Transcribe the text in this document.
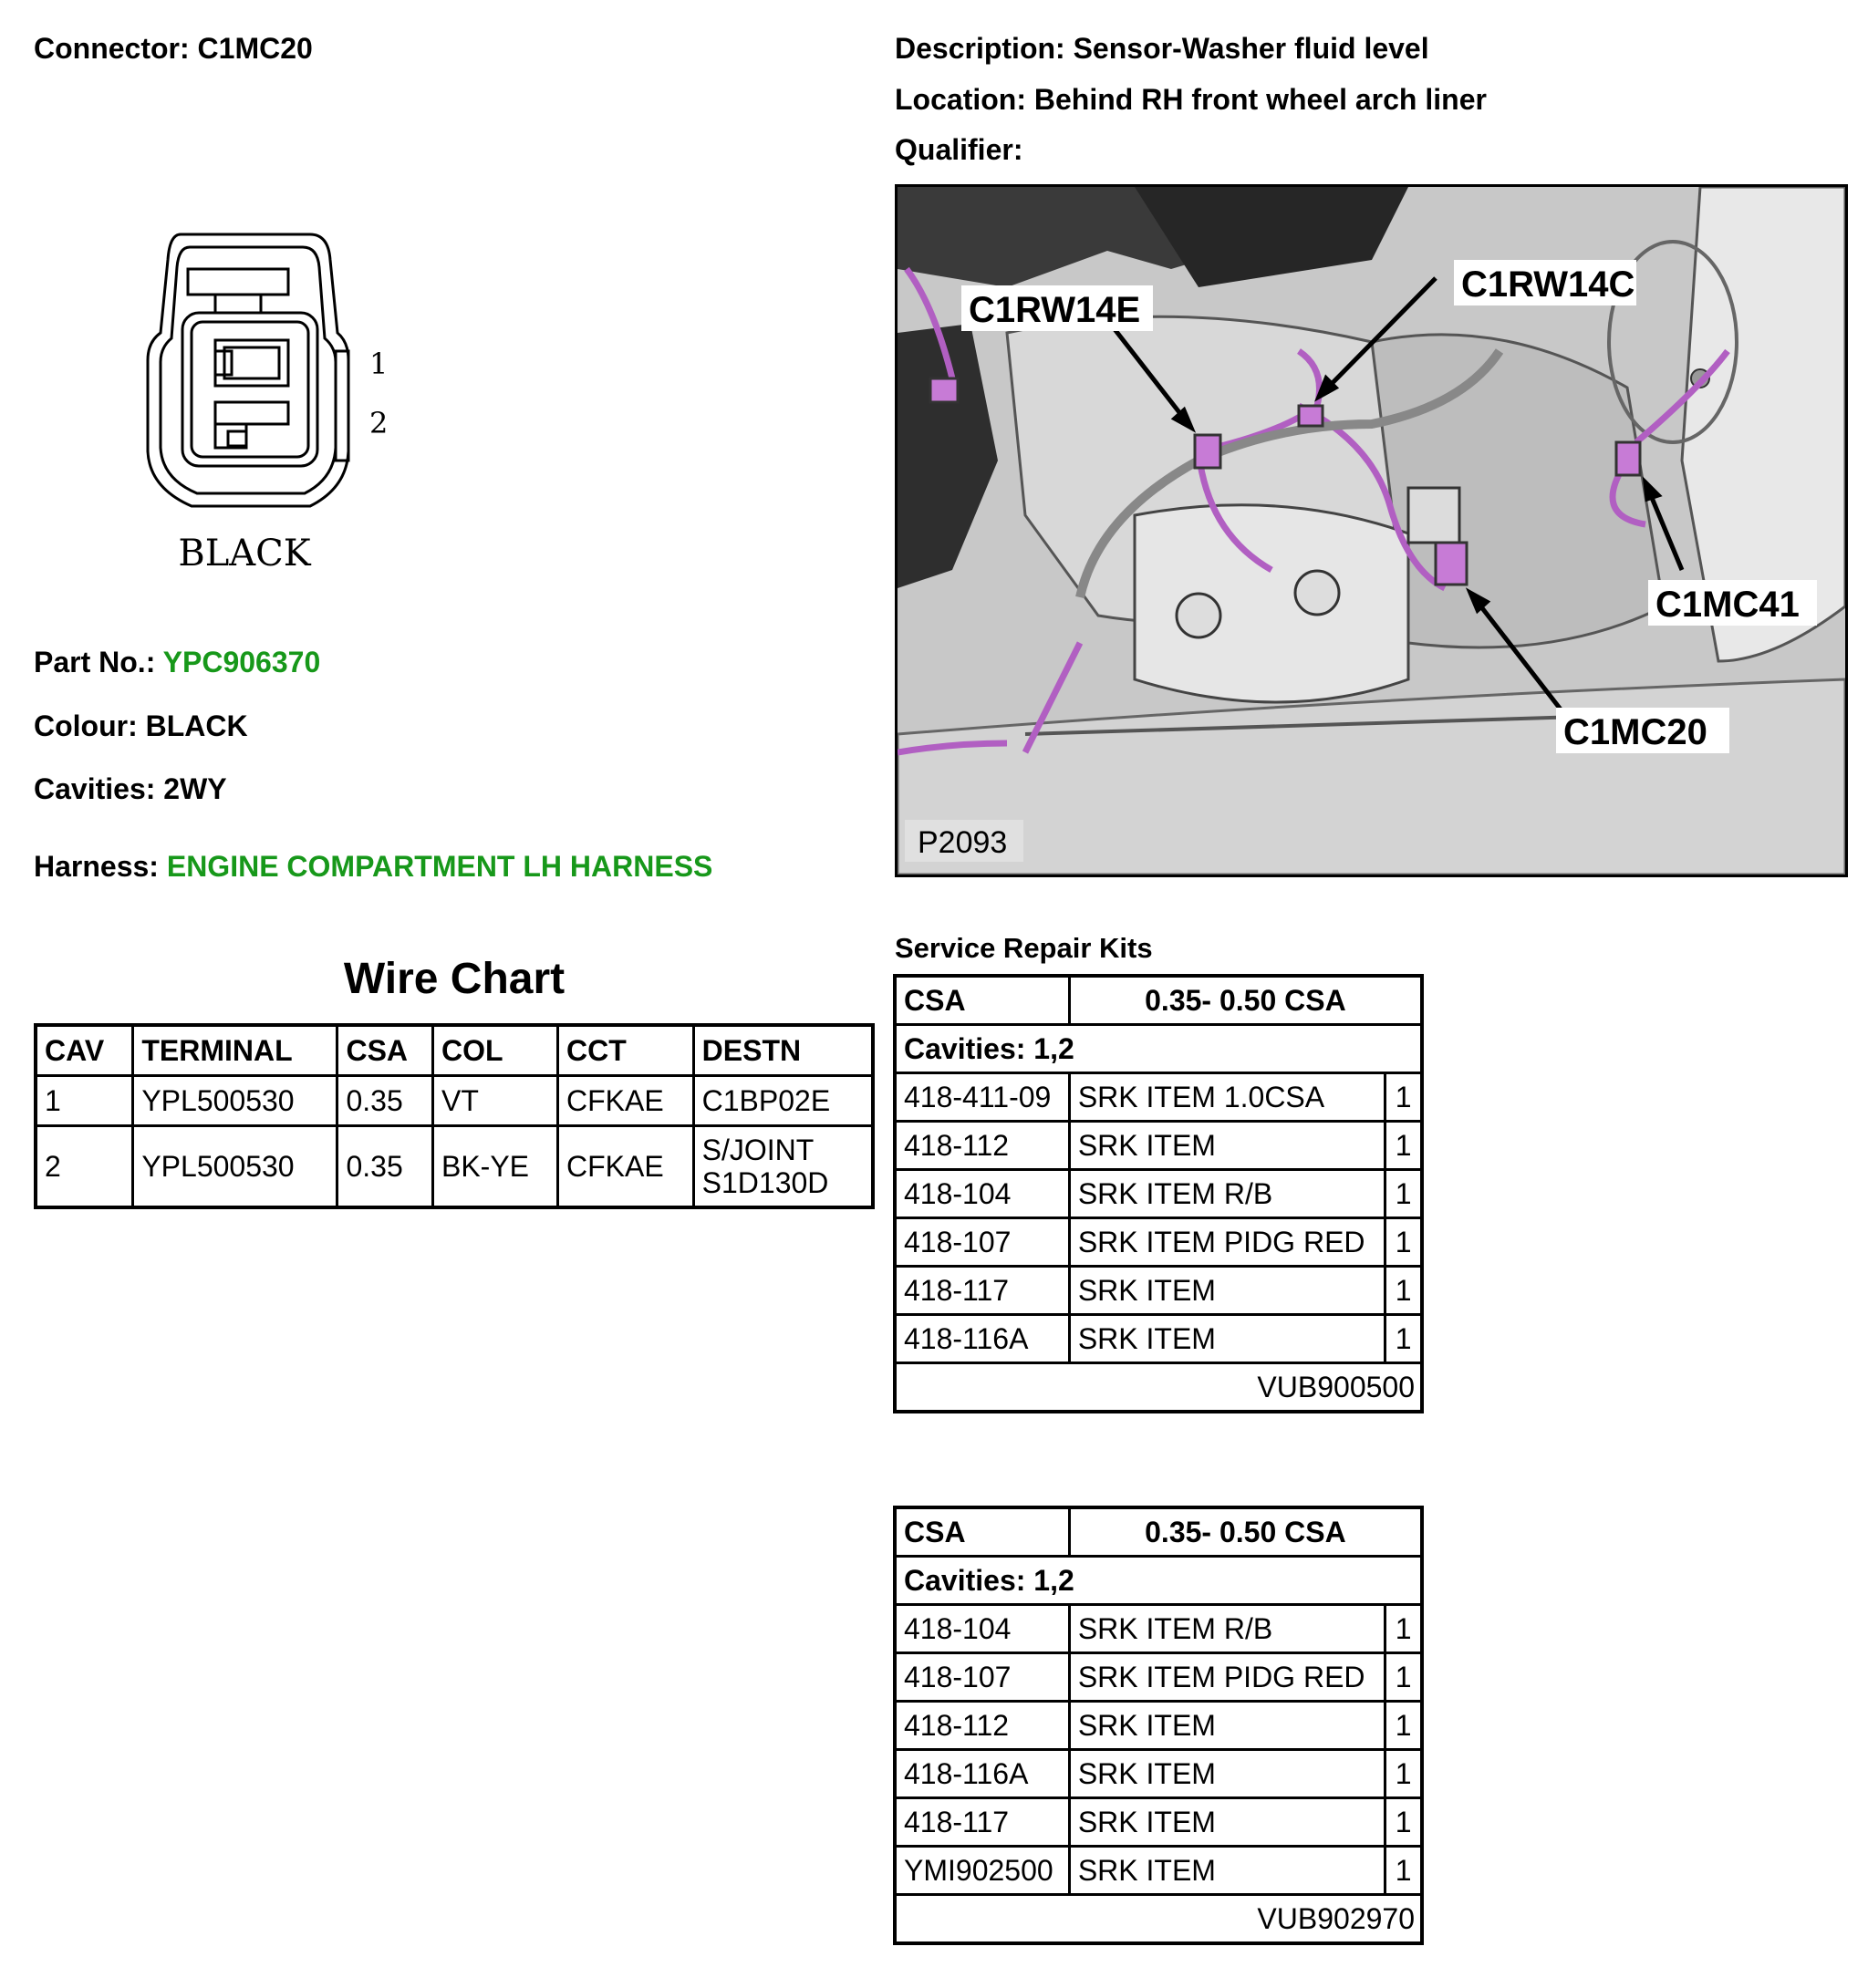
Connector: C1MC20	Description: Sensor-Washer fluid level
Location: Behind RH front wheel arch liner
Qualifier:
1
2
BLACK
Part No.: YPC906370
Colour: BLACK
Cavities: 2WY
Harness: ENGINE COMPARTMENT LH HARNESS
Wire Chart
CAV	TERMINAL	CSA	COL	CCT	DESTN
1	YPL500530	0.35	VT	CFKAE	C1BP02E
2	YPL500530	0.35	BK-YE	CFKAE	S/JOINT S1D130D
C1RW14E
C1RW14C
C1MC41
C1MC20
P2093
Service Repair Kits
CSA	0.35- 0.50 CSA	
Cavities: 1,2		
418-411-09	SRK ITEM 1.0CSA	1
418-112	SRK ITEM	1
418-104	SRK ITEM R/B	1
418-107	SRK ITEM PIDG RED	1
418-117	SRK ITEM	1
418-116A	SRK ITEM	1
VUB900500		
CSA	0.35- 0.50 CSA	
Cavities: 1,2		
418-104	SRK ITEM R/B	1
418-107	SRK ITEM PIDG RED	1
418-112	SRK ITEM	1
418-116A	SRK ITEM	1
418-117	SRK ITEM	1
YMI902500	SRK ITEM	1
VUB902970		
